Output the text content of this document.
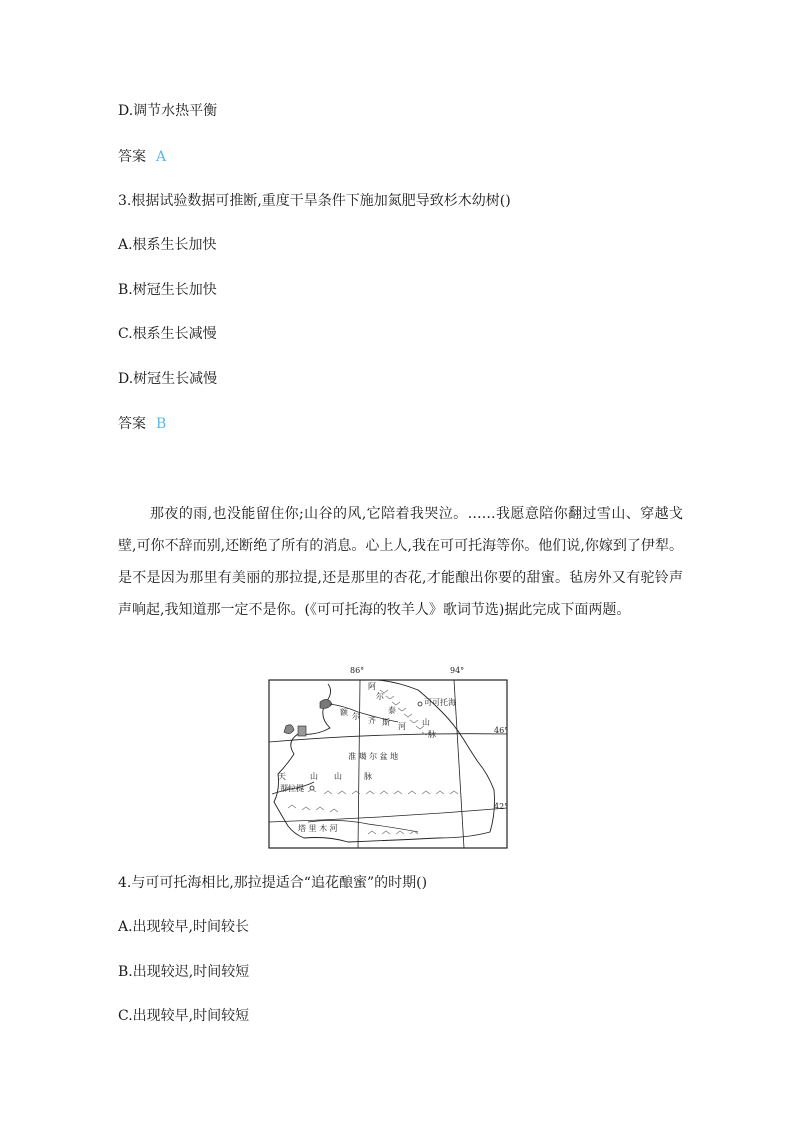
D.调节水热平衡
答案 A
3.根据试验数据可推断,重度干旱条件下施加氮肥导致杉木幼树()
A.根系生长加快
B.树冠生长加快
C.根系生长减慢
D.树冠生长减慢
答案 B
那夜的雨,也没能留住你;山谷的风,它陪着我哭泣。……我愿意陪你翻过雪山、穿越戈壁,可你不辞而别,还断绝了所有的消息。心上人,我在可可托海等你。他们说,你嫁到了伊犁。是不是因为那里有美丽的那拉提,还是那里的杏花,才能酿出你要的甜蜜。毡房外又有驼铃声声响起,我知道那一定不是你。(《可可托海的牧羊人》歌词节选)据此完成下面两题。
86°	94°
46°
42°
阿
尔
泰
山
脉
可可托海
额 尔 齐 斯 河
准 噶 尔 盆 地
天	山 山	脉
那拉提
塔 里 木 河
4.与可可托海相比,那拉提适合“追花酿蜜”的时期()
A.出现较早,时间较长
B.出现较迟,时间较短
C.出现较早,时间较短
